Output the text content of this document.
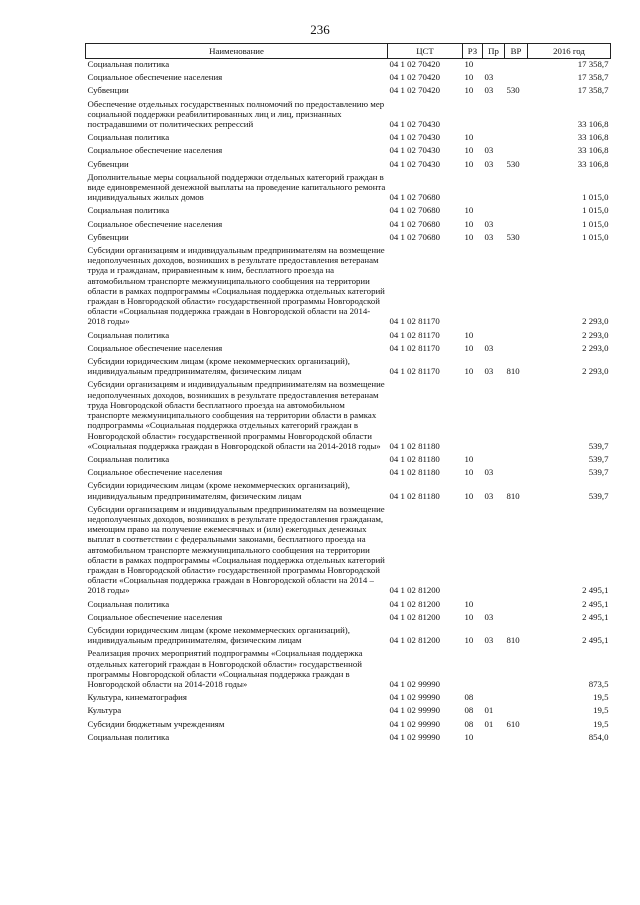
236
Наименование	ЦСТ	РЗ	Пр	ВР	2016 год
Социальная политика	04 1 02 70420	10			17 358,7
Социальное обеспечение населения	04 1 02 70420	10	03		17 358,7
Субвенции	04 1 02 70420	10	03	530	17 358,7
Обеспечение отдельных государственных полномочий по предоставлению мер социальной поддержки реабилитированных лиц и лиц, признанных пострадавшими от политических репрессий	04 1 02 70430				33 106,8
Социальная политика	04 1 02 70430	10			33 106,8
Социальное обеспечение населения	04 1 02 70430	10	03		33 106,8
Субвенции	04 1 02 70430	10	03	530	33 106,8
Дополнительные меры социальной поддержки отдельных категорий граждан в виде единовременной денежной выплаты на проведение капитального ремонта индивидуальных жилых домов	04 1 02 70680				1 015,0
Социальная политика	04 1 02 70680	10			1 015,0
Социальное обеспечение населения	04 1 02 70680	10	03		1 015,0
Субвенции	04 1 02 70680	10	03	530	1 015,0
Субсидии организациям и индивидуальным предпринимателям на возмещение недополученных доходов, возникших в результате предоставления ветеранам труда и гражданам, приравненным к ним, бесплатного проезда на автомобильном транспорте межмуниципального сообщения на территории области в рамках подпрограммы «Социальная поддержка отдельных категорий граждан в Новгородской области» государственной программы Новгородской области «Социальная поддержка граждан в Новгородской области на 2014-2018 годы»	04 1 02 81170				2 293,0
Социальная политика	04 1 02 81170	10			2 293,0
Социальное обеспечение населения	04 1 02 81170	10	03		2 293,0
Субсидии юридическим лицам (кроме некоммерческих организаций), индивидуальным предпринимателям, физическим лицам	04 1 02 81170	10	03	810	2 293,0
Субсидии организациям и индивидуальным предпринимателям на возмещение недополученных доходов, возникших в результате предоставления ветеранам труда Новгородской области бесплатного проезда на автомобильном транспорте межмуниципального сообщения на территории области в рамках подпрограммы «Социальная поддержка отдельных категорий граждан в Новгородской области» государственной программы Новгородской области «Социальная поддержка граждан в Новгородской области на 2014-2018 годы»	04 1 02 81180				539,7
Социальная политика	04 1 02 81180	10			539,7
Социальное обеспечение населения	04 1 02 81180	10	03		539,7
Субсидии юридическим лицам (кроме некоммерческих организаций), индивидуальным предпринимателям, физическим лицам	04 1 02 81180	10	03	810	539,7
Субсидии организациям и индивидуальным предпринимателям на возмещение недополученных доходов, возникших в результате предоставления гражданам, имеющим право на получение ежемесячных и (или) ежегодных денежных выплат в соответствии с федеральными законами, бесплатного проезда на автомобильном транспорте межмуниципального сообщения на территории области в рамках подпрограммы «Социальная поддержка отдельных категорий граждан в Новгородской области» государственной программы Новгородской области «Социальная поддержка граждан в Новгородской области на 2014 – 2018 годы»	04 1 02 81200				2 495,1
Социальная политика	04 1 02 81200	10			2 495,1
Социальное обеспечение населения	04 1 02 81200	10	03		2 495,1
Субсидии юридическим лицам (кроме некоммерческих организаций), индивидуальным предпринимателям, физическим лицам	04 1 02 81200	10	03	810	2 495,1
Реализация прочих мероприятий подпрограммы «Социальная поддержка отдельных категорий граждан в Новгородской области» государственной программы Новгородской области «Социальная поддержка граждан в Новгородской области на 2014-2018 годы»	04 1 02 99990				873,5
Культура, кинематография	04 1 02 99990	08			19,5
Культура	04 1 02 99990	08	01		19,5
Субсидии бюджетным учреждениям	04 1 02 99990	08	01	610	19,5
Социальная политика	04 1 02 99990	10			854,0
